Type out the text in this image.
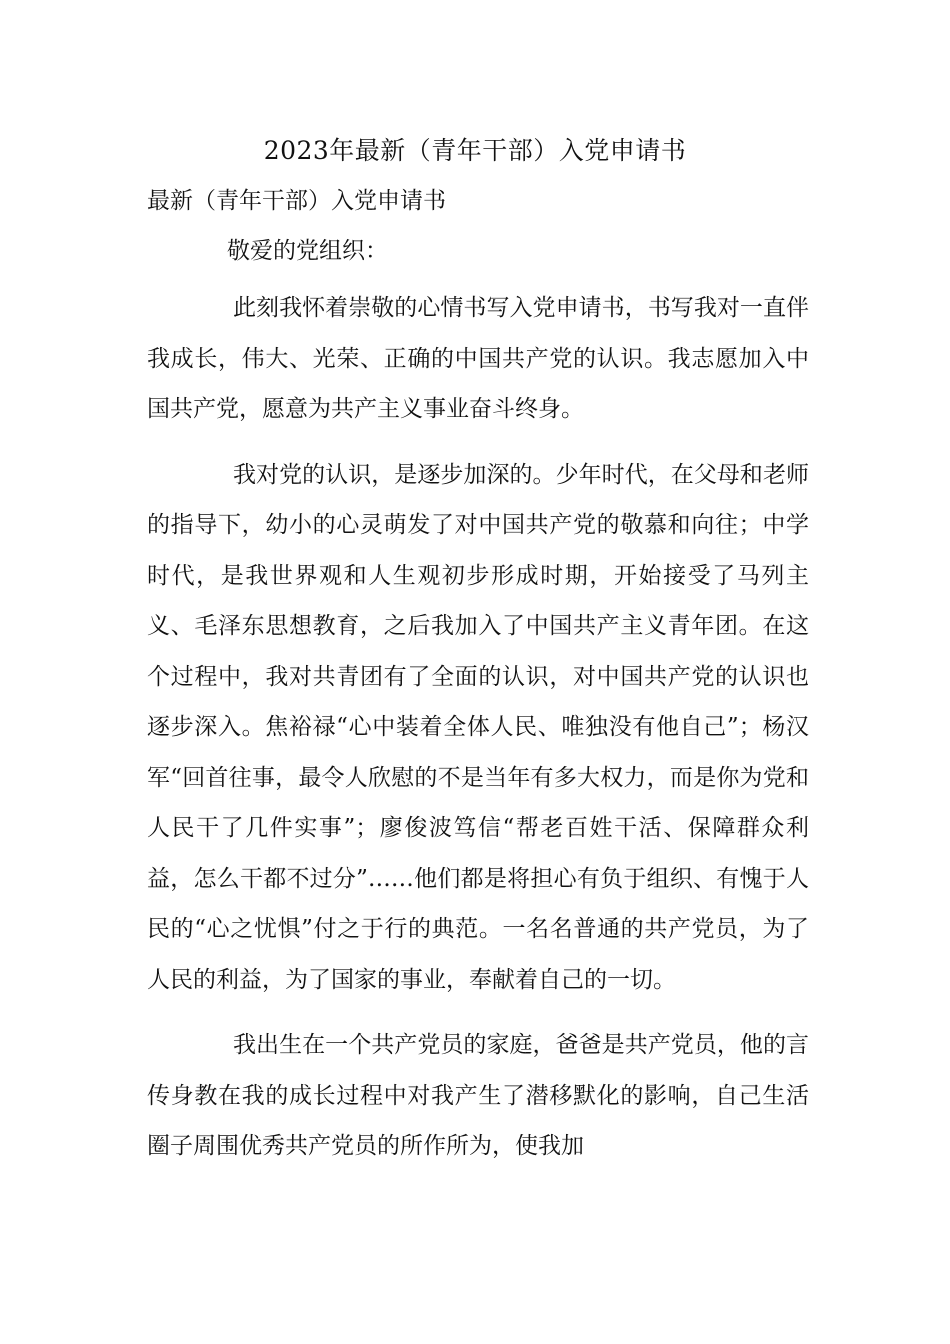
2023年最新（青年干部）入党申请书
最新（青年干部）入党申请书
敬爱的党组织：

此刻我怀着崇敬的心情书写入党申请书，书写我对一直伴我成长，伟大、光荣、正确的中国共产党的认识。我志愿加入中国共产党，愿意为共产主义事业奋斗终身。

我对党的认识，是逐步加深的。少年时代，在父母和老师的指导下，幼小的心灵萌发了对中国共产党的敬慕和向往；中学时代，是我世界观和人生观初步形成时期，开始接受了马列主义、毛泽东思想教育，之后我加入了中国共产主义青年团。在这个过程中，我对共青团有了全面的认识，对中国共产党的认识也逐步深入。焦裕禄“心中装着全体人民、唯独没有他自己”；杨汉军“回首往事，最令人欣慰的不是当年有多大权力，而是你为党和人民干了几件实事”；廖俊波笃信“帮老百姓干活、保障群众利益，怎么干都不过分”……他们都是将担心有负于组织、有愧于人民的“心之忧惧”付之于行的典范。一名名普通的共产党员，为了人民的利益，为了国家的事业，奉献着自己的一切。

我出生在一个共产党员的家庭，爸爸是共产党员，他的言传身教在我的成长过程中对我产生了潜移默化的影响，自己生活圈子周围优秀共产党员的所作所为，使我加
